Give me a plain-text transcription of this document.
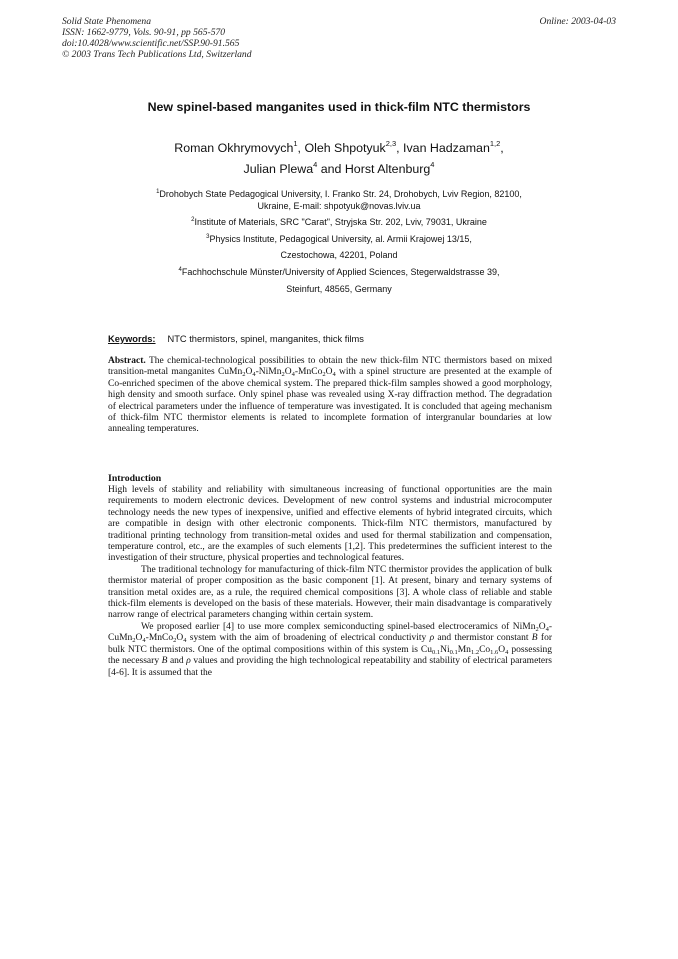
Solid State Phenomena
ISSN: 1662-9779, Vols. 90-91, pp 565-570
doi:10.4028/www.scientific.net/SSP.90-91.565
© 2003 Trans Tech Publications Ltd, Switzerland
Online: 2003-04-03
New spinel-based manganites used in thick-film NTC thermistors
Roman Okhrymovych$^1$, Oleh Shpotyuk$^{2,3}$, Ivan Hadzaman$^{1,2}$,
Julian Plewa$^4$ and Horst Altenburg$^4$
$^1$Drohobych State Pedagogical University, I. Franko Str. 24, Drohobych, Lviv Region, 82100,
Ukraine, E-mail: shpotyuk@novas.lviv.ua
$^2$Institute of Materials, SRC "Carat", Stryjska Str. 202, Lviv, 79031, Ukraine
$^3$Physics Institute, Pedagogical University, al. Armii Krajowej 13/15,
Czestochowa, 42201, Poland
$^4$Fachhochschule Münster/University of Applied Sciences, Stegerwaldstrasse 39,
Steinfurt, 48565, Germany
Keywords: NTC thermistors, spinel, manganites, thick films
Abstract. The chemical-technological possibilities to obtain the new thick-film NTC thermistors based on mixed transition-metal manganites $CuMn_2O_4-NiMn_2O_4-MnCo_2O_4$ with a spinel structure are presented at the example of Co-enriched specimen of the above chemical system. The prepared thick-film samples showed a good morphology, high density and smooth surface. Only spinel phase was revealed using X-ray diffraction method. The degradation of electrical parameters under the influence of temperature was investigated. It is concluded that ageing mechanism of thick-film NTC thermistor elements is related to incomplete formation of intergranular boundaries at low annealing temperatures.
Introduction

High levels of stability and reliability with simultaneous increasing of functional opportunities are the main requirements to modern electronic devices. Development of new control systems and industrial microcomputer technology needs the new types of inexpensive, unified and effective elements of hybrid integrated circuits, which are compatible in design with other electronic components. Thick-film NTC thermistors, manufactured by traditional printing technology from transition-metal oxides and used for thermal stabilization and compensation, temperature control, etc., are the examples of such elements [1,2]. This predetermines the sufficient interest to the investigation of their structure, physical properties and technological features.

The traditional technology for manufacturing of thick-film NTC thermistor provides the application of bulk thermistor material of proper composition as the basic component [1]. At present, binary and ternary systems of transition metal oxides are, as a rule, the required chemical compositions [3]. A whole class of reliable and stable thick-film elements is developed on the basis of these materials. However, their main disadvantage is comparatively narrow range of electrical parameters changing within certain system.

We proposed earlier [4] to use more complex semiconducting spinel-based electroceramics of $NiMn_2O_4-CuMn_2O_4-MnCo_2O_4$ system with the aim of broadening of electrical conductivity ρ and thermistor constant B for bulk NTC thermistors. One of the optimal compositions within of this system is $Cu_{0.1}Ni_{0.1}Mn_{1.2}Co_{1.6}O_4$ possessing the necessary B and ρ values and providing the high technological repeatability and stability of electrical parameters [4-6]. It is assumed that the
